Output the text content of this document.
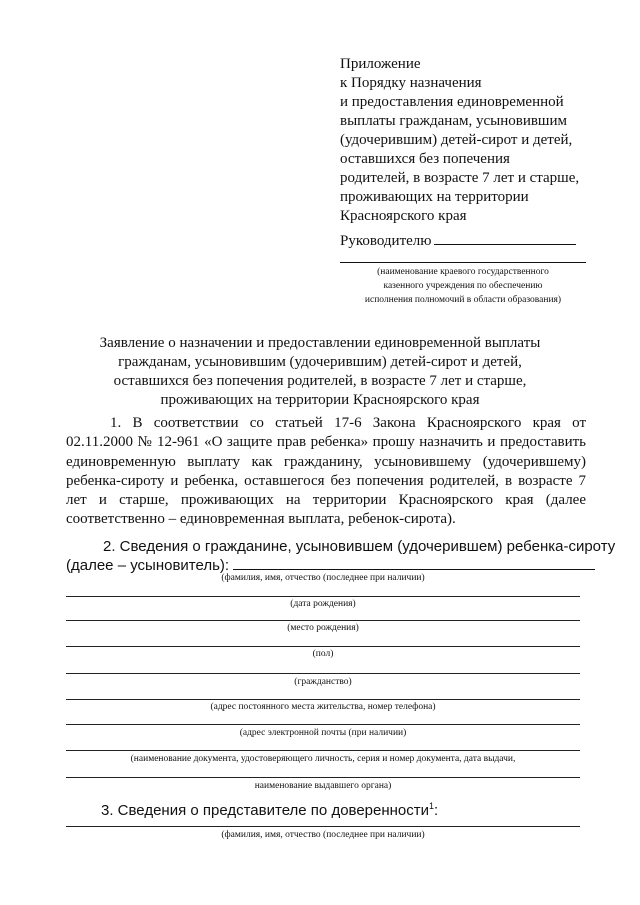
Приложение
к Порядку назначения
и предоставления единовременной
выплаты гражданам, усыновившим
(удочерившим) детей-сирот и детей,
оставшихся без попечения
родителей, в возрасте 7 лет и старше,
проживающих на территории
Красноярского края
Руководителю
(наименование краевого государственного
казенного учреждения по обеспечению
исполнения полномочий в области образования)
Заявление о назначении и предоставлении единовременной выплаты
гражданам, усыновившим (удочерившим) детей-сирот и детей,
оставшихся без попечения родителей, в возрасте 7 лет и старше,
проживающих на территории Красноярского края
1. В соответствии со статьей 17-6 Закона Красноярского края от 02.11.2000 № 12-961 «О защите прав ребенка» прошу назначить и предоставить единовременную выплату как гражданину, усыновившему (удочерившему) ребенка-сироту и ребенка, оставшегося без попечения родителей, в возрасте 7 лет и старше, проживающих на территории Красноярского края (далее соответственно – единовременная выплата, ребенок-сирота).
2. Сведения о гражданине, усыновившем (удочерившем) ребенка-сироту
(далее – усыновитель):
(фамилия, имя, отчество (последнее при наличии)
(дата рождения)
(место рождения)
(пол)
(гражданство)
(адрес постоянного места жительства, номер телефона)
(адрес электронной почты (при наличии)
(наименование документа, удостоверяющего личность, серия и номер документа, дата выдачи,
наименование выдавшего органа)
3. Сведения о представителе по доверенности$^1$:
(фамилия, имя, отчество (последнее при наличии)
